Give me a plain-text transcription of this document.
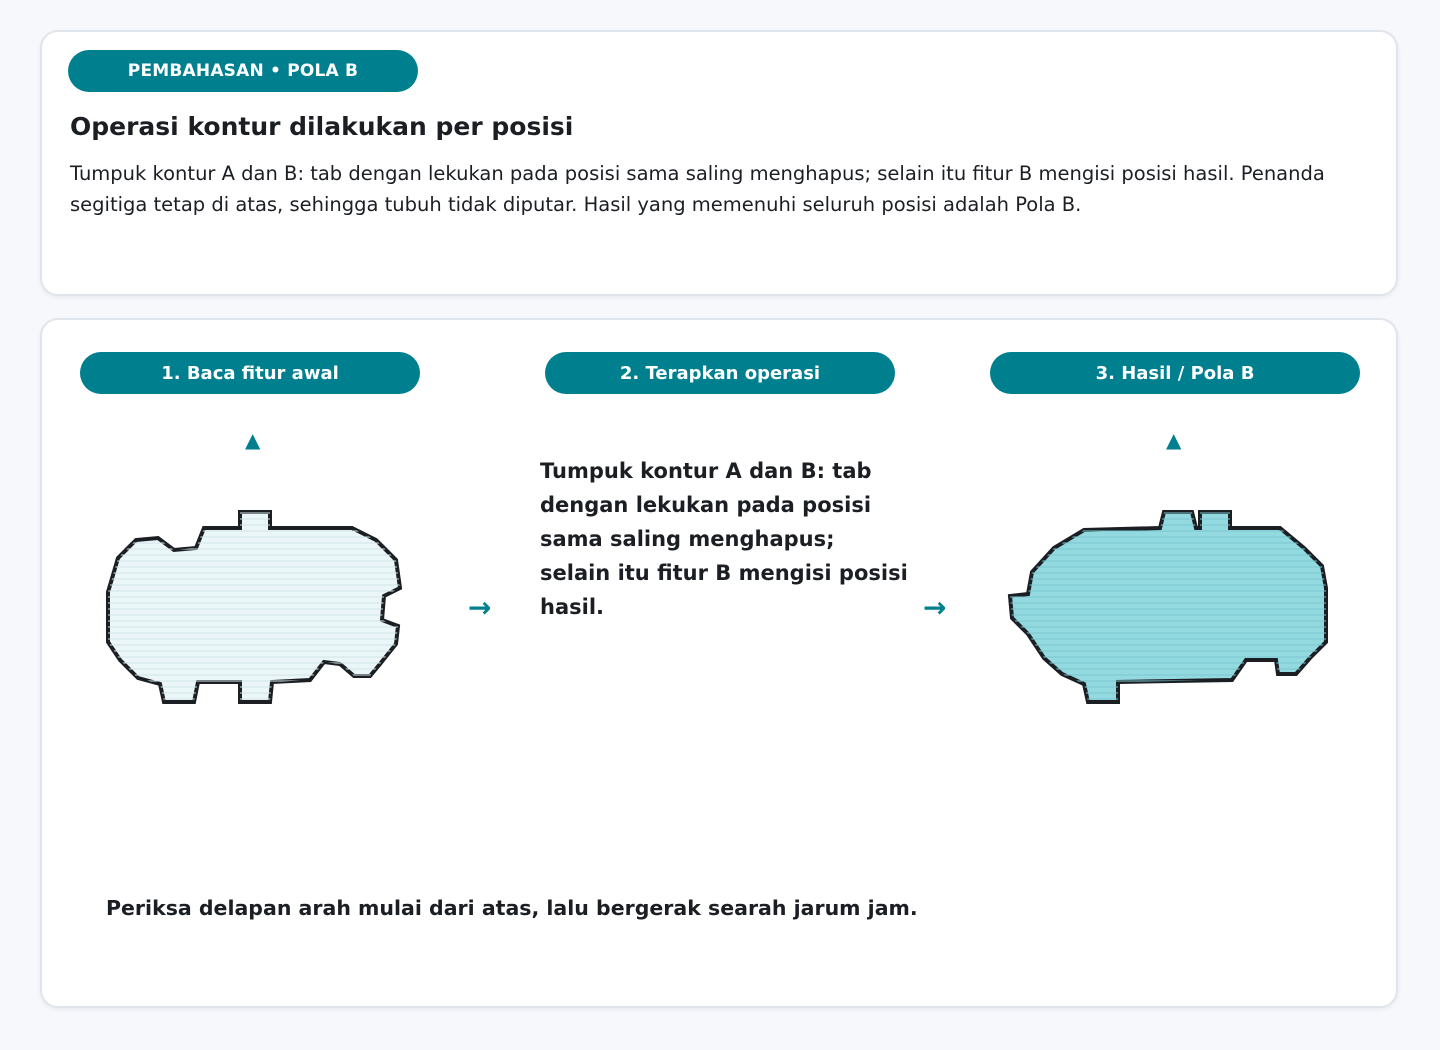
PEMBAHASAN • POLA B
Operasi kontur dilakukan per posisi

Tumpuk kontur A dan B: tab dengan lekukan pada posisi sama saling menghapus; selain itu fitur B mengisi posisi hasil. Penanda segitiga tetap di atas, sehingga tubuh tidak diputar. Hasil yang memenuhi seluruh posisi adalah Pola B.

1. Baca fitur awal	2. Terapkan operasi	3. Hasil / Pola B
▲	▲
→

Tumpuk kontur A dan B: tab dengan lekukan pada posisi sama saling menghapus; selain itu fitur B mengisi posisi hasil.	→

Periksa delapan arah mulai dari atas, lalu bergerak searah jarum jam.
